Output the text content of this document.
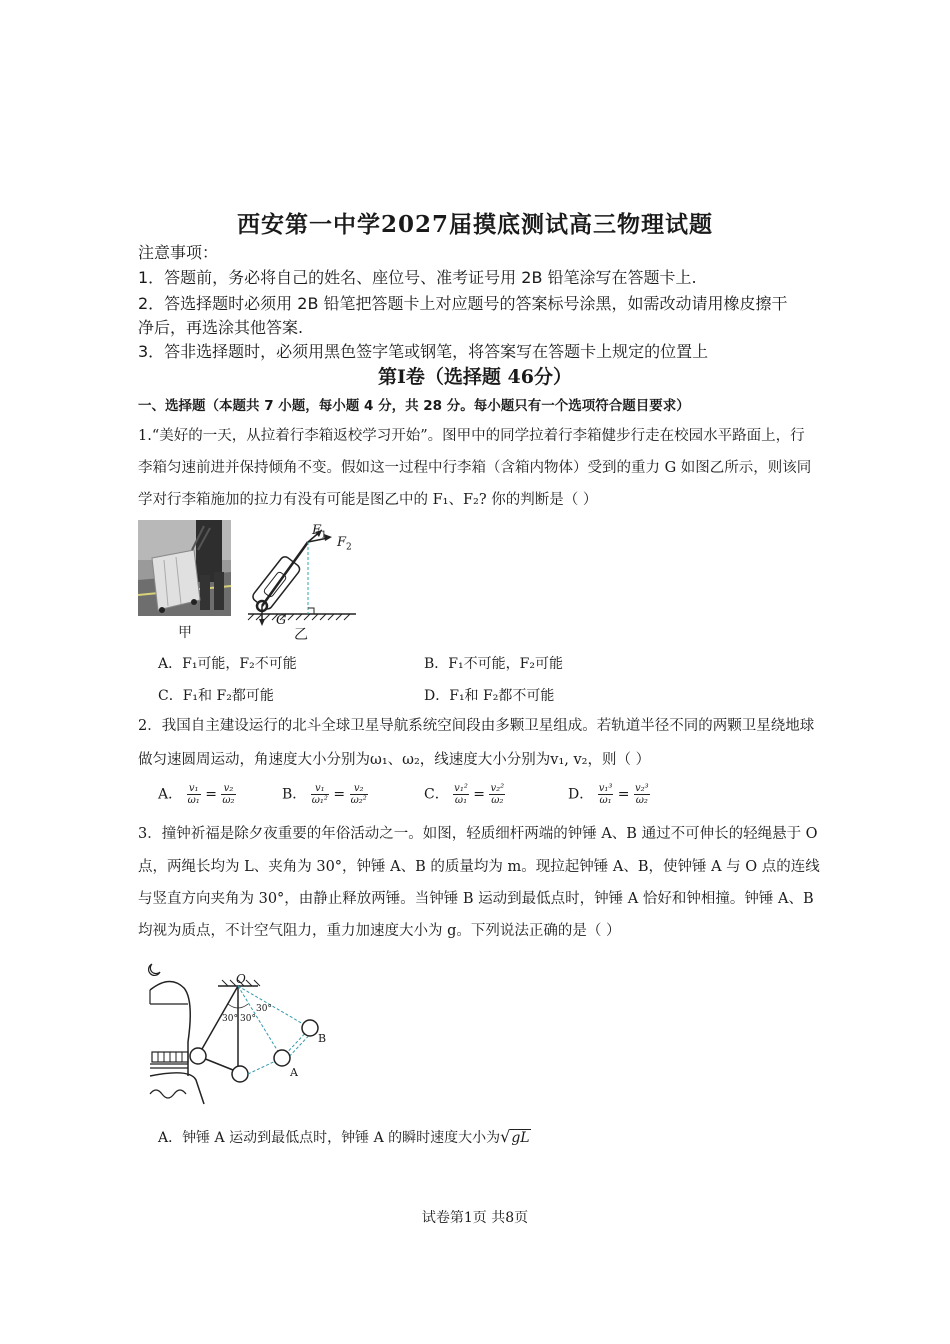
西安第一中学2027届摸底测试高三物理试题
注意事项：
1．答题前，务必将自己的姓名、座位号、准考证号用 2B 铅笔涂写在答题卡上.
2．答选择题时必须用 2B 铅笔把答题卡上对应题号的答案标号涂黑，如需改动请用橡皮擦干
净后，再选涂其他答案.
3．答非选择题时，必须用黑色签字笔或钢笔，将答案写在答题卡上规定的位置上
第Ⅰ卷（选择题 46分）
一、选择题（本题共 7 小题，每小题 4 分，共 28 分。每小题只有一个选项符合题目要求）
1.“美好的一天，从拉着行李箱返校学习开始”。图甲中的同学拉着行李箱健步行走在校园水平路面上，行
李箱匀速前进并保持倾角不变。假如这一过程中行李箱（含箱内物体）受到的重力 G 如图乙所示，则该同
学对行李箱施加的拉力有没有可能是图乙中的 F₁、F₂? 你的判断是（ ）
甲
$F_1$ $F_2$
G
乙
A．F₁可能，F₂不可能	B．F₁不可能，F₂可能
C．F₁和 F₂都可能	D．F₁和 F₂都不可能
2．我国自主建设运行的北斗全球卫星导航系统空间段由多颗卫星组成。若轨道半径不同的两颗卫星绕地球
做匀速圆周运动，角速度大小分别为ω₁、ω₂，线速度大小分别为v₁, v₂，则（ ）
A． $\frac{\text{v₁}}{\text{ω₁}} = \frac{\text{v₂}}{\text{ω₂}}$	B． $\frac{\text{v₁}}{\text{ω₁²}} = \frac{\text{v₂}}{\text{ω₂²}}$	C． $\frac{\text{v₁²}}{\text{ω₁}} = \frac{\text{v₂²}}{\text{ω₂}}$	D． $\frac{\text{v₁³}}{\text{ω₁}} = \frac{\text{v₂³}}{\text{ω₂}}$
3．撞钟祈福是除夕夜重要的年俗活动之一。如图，轻质细杆两端的钟锤 A、B 通过不可伸长的轻绳悬于 O
点，两绳长均为 L、夹角为 30°，钟锤 A、B 的质量均为 m。现拉起钟锤 A、B，使钟锤 A 与 O 点的连线
与竖直方向夹角为 30°，由静止释放两锤。当钟锤 B 运动到最低点时，钟锤 A 恰好和钟相撞。钟锤 A、B
均视为质点，不计空气阻力，重力加速度大小为 g。下列说法正确的是（ ）
O
30° 30°
30°
A
B
A．钟锤 A 运动到最低点时，钟锤 A 的瞬时速度大小为√gL
试卷第1页 共8页
